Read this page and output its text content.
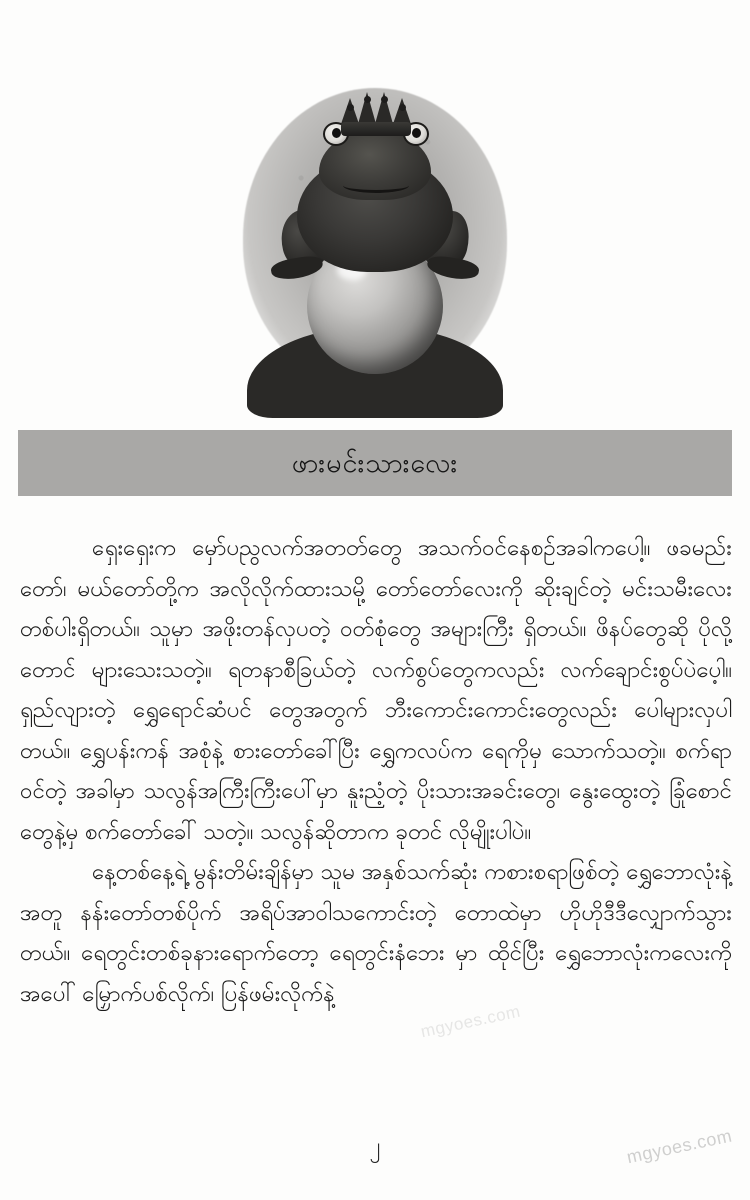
ဖားမင်းသားလေး

ရှေးရှေးက မှော်ပညွလက်အတတ်တွေ အသက်ဝင်နေစဉ်အခါကပေါ့။ ဖခမည်းတော်၊ မယ်တော်တို့က အလိုလိုက်ထားသမို့ တော်တော်လေးကို ဆိုးချင်တဲ့ မင်းသမီးလေးတစ်ပါးရှိတယ်။ သူမှာ အဖိုးတန်လှပတဲ့ ဝတ်စုံတွေ အများကြီး ရှိတယ်။ ဖိနပ်တွေဆို ပိုလို့တောင် များသေးသတဲ့။ ရတနာစီခြယ်တဲ့ လက်စွပ်တွေကလည်း လက်ချောင်းစွပ်ပဲပေ့ါ။ ရှည်လျားတဲ့ ရွှေရောင်ဆံပင် တွေအတွက် ဘီးကောင်းကောင်းတွေလည်း ပေါများလှပါတယ်။ ရွှေပန်းကန် အစုံနဲ့ စားတော်ခေါ်ပြီး ရွှေကလပ်က ရေကိုမှ သောက်သတဲ့။ စက်ရာဝင်တဲ့ အခါမှာ သလွန်အကြီးကြီးပေါ်မှာ နူးညံ့တဲ့ ပိုးသားအခင်းတွေ၊ နွေးထွေးတဲ့ ခြုံစောင်တွေနဲ့မှ စက်တော်ခေါ် သတဲ့။ သလွန်ဆိုတာက ခုတင် လိုမျိုးပါပဲ။

နေ့တစ်နေ့ရဲ့ မွန်းတိမ်းချိန်မှာ သူမ အနှစ်သက်ဆုံး ကစားစရာဖြစ်တဲ့ ရွှေဘောလုံးနဲ့ အတူ နန်းတော်တစ်ပိုက် အရိပ်အာဝါသကောင်းတဲ့ တောထဲမှာ ဟိုဟိုဒီဒီလျှောက်သွားတယ်။ ရေတွင်းတစ်ခုနားရောက်တော့ ရေတွင်းနံဘေး မှာ ထိုင်ပြီး ရွှေဘောလုံးကလေးကို အပေါ် မြှောက်ပစ်လိုက်၊ ပြန်ဖမ်းလိုက်နဲ့

mgyoes.com
mgyoes.com
၂
